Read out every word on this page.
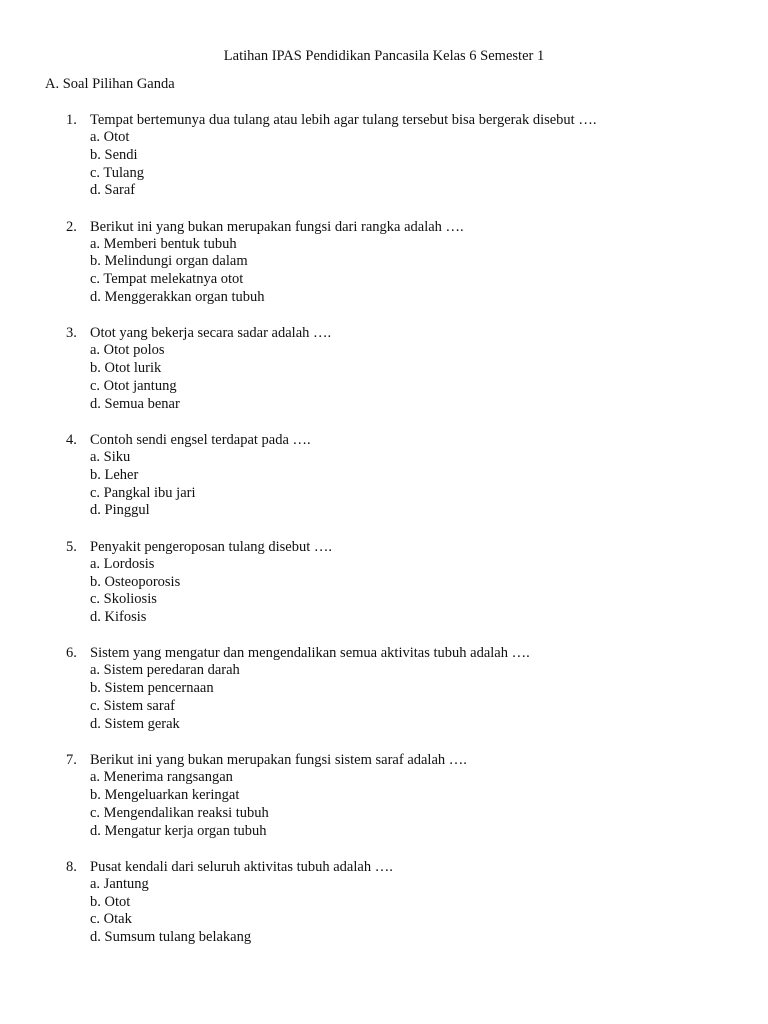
Latihan IPAS Pendidikan Pancasila Kelas 6 Semester 1
A. Soal Pilihan Ganda
1. Tempat bertemunya dua tulang atau lebih agar tulang tersebut bisa bergerak disebut ….
a. Otot
b. Sendi
c. Tulang
d. Saraf
2. Berikut ini yang bukan merupakan fungsi dari rangka adalah ….
a. Memberi bentuk tubuh
b. Melindungi organ dalam
c. Tempat melekatnya otot
d. Menggerakkan organ tubuh
3. Otot yang bekerja secara sadar adalah ….
a. Otot polos
b. Otot lurik
c. Otot jantung
d. Semua benar
4. Contoh sendi engsel terdapat pada ….
a. Siku
b. Leher
c. Pangkal ibu jari
d. Pinggul
5. Penyakit pengeroposan tulang disebut ….
a. Lordosis
b. Osteoporosis
c. Skoliosis
d. Kifosis
6. Sistem yang mengatur dan mengendalikan semua aktivitas tubuh adalah ….
a. Sistem peredaran darah
b. Sistem pencernaan
c. Sistem saraf
d. Sistem gerak
7. Berikut ini yang bukan merupakan fungsi sistem saraf adalah ….
a. Menerima rangsangan
b. Mengeluarkan keringat
c. Mengendalikan reaksi tubuh
d. Mengatur kerja organ tubuh
8. Pusat kendali dari seluruh aktivitas tubuh adalah ….
a. Jantung
b. Otot
c. Otak
d. Sumsum tulang belakang
